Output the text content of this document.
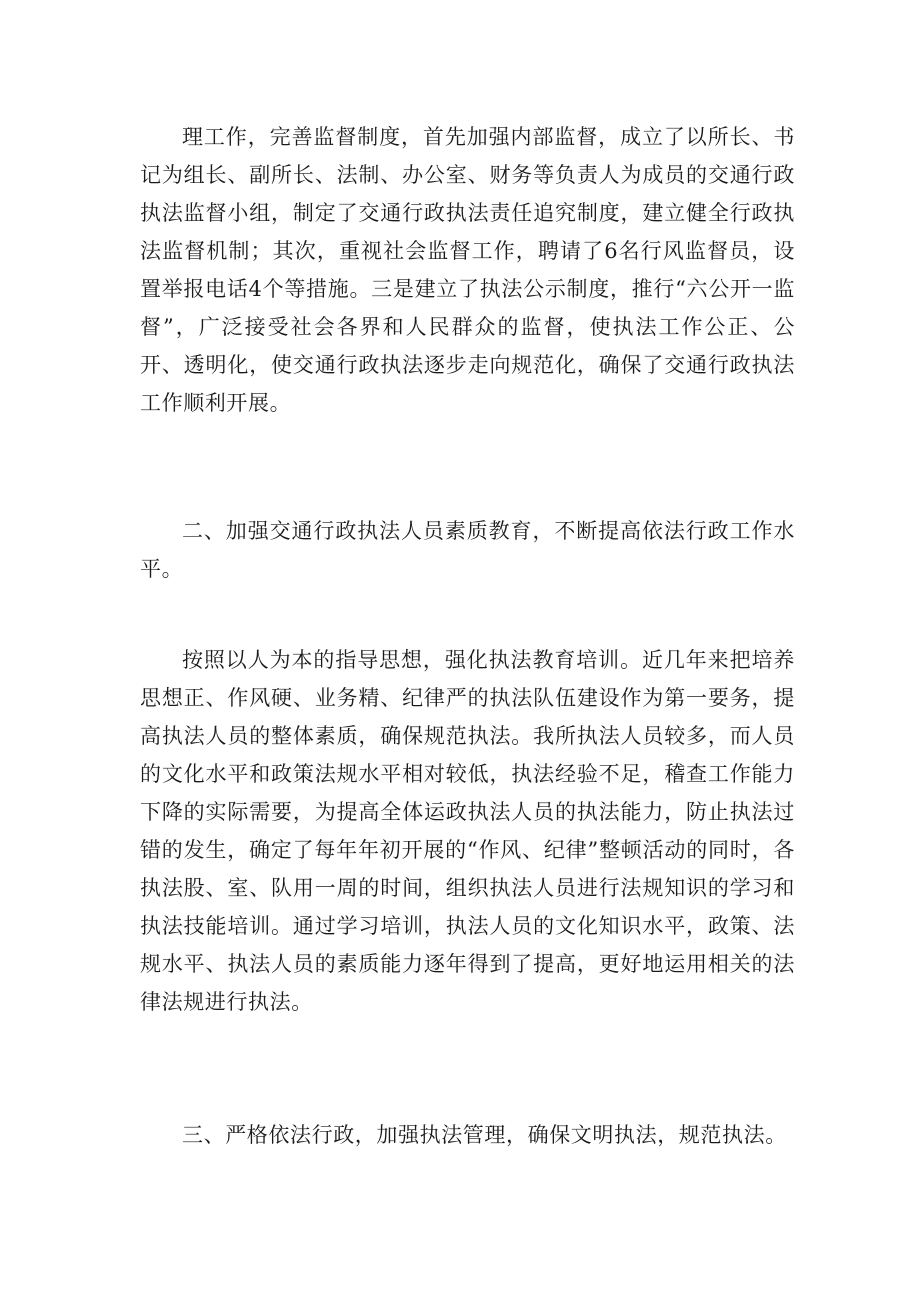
理工作，完善监督制度，首先加强内部监督，成立了以所长、书记为组长、副所长、法制、办公室、财务等负责人为成员的交通行政执法监督小组，制定了交通行政执法责任追究制度，建立健全行政执法监督机制；其次，重视社会监督工作，聘请了6名行风监督员，设置举报电话4个等措施。三是建立了执法公示制度，推行“六公开一监督”，广泛接受社会各界和人民群众的监督，使执法工作公正、公开、透明化，使交通行政执法逐步走向规范化，确保了交通行政执法工作顺利开展。

二、加强交通行政执法人员素质教育，不断提高依法行政工作水平。

按照以人为本的指导思想，强化执法教育培训。近几年来把培养思想正、作风硬、业务精、纪律严的执法队伍建设作为第一要务，提高执法人员的整体素质，确保规范执法。我所执法人员较多，而人员的文化水平和政策法规水平相对较低，执法经验不足，稽查工作能力下降的实际需要，为提高全体运政执法人员的执法能力，防止执法过错的发生，确定了每年年初开展的“作风、纪律”整顿活动的同时，各执法股、室、队用一周的时间，组织执法人员进行法规知识的学习和执法技能培训。通过学习培训，执法人员的文化知识水平，政策、法规水平、执法人员的素质能力逐年得到了提高，更好地运用相关的法律法规进行执法。

三、严格依法行政，加强执法管理，确保文明执法，规范执法。
